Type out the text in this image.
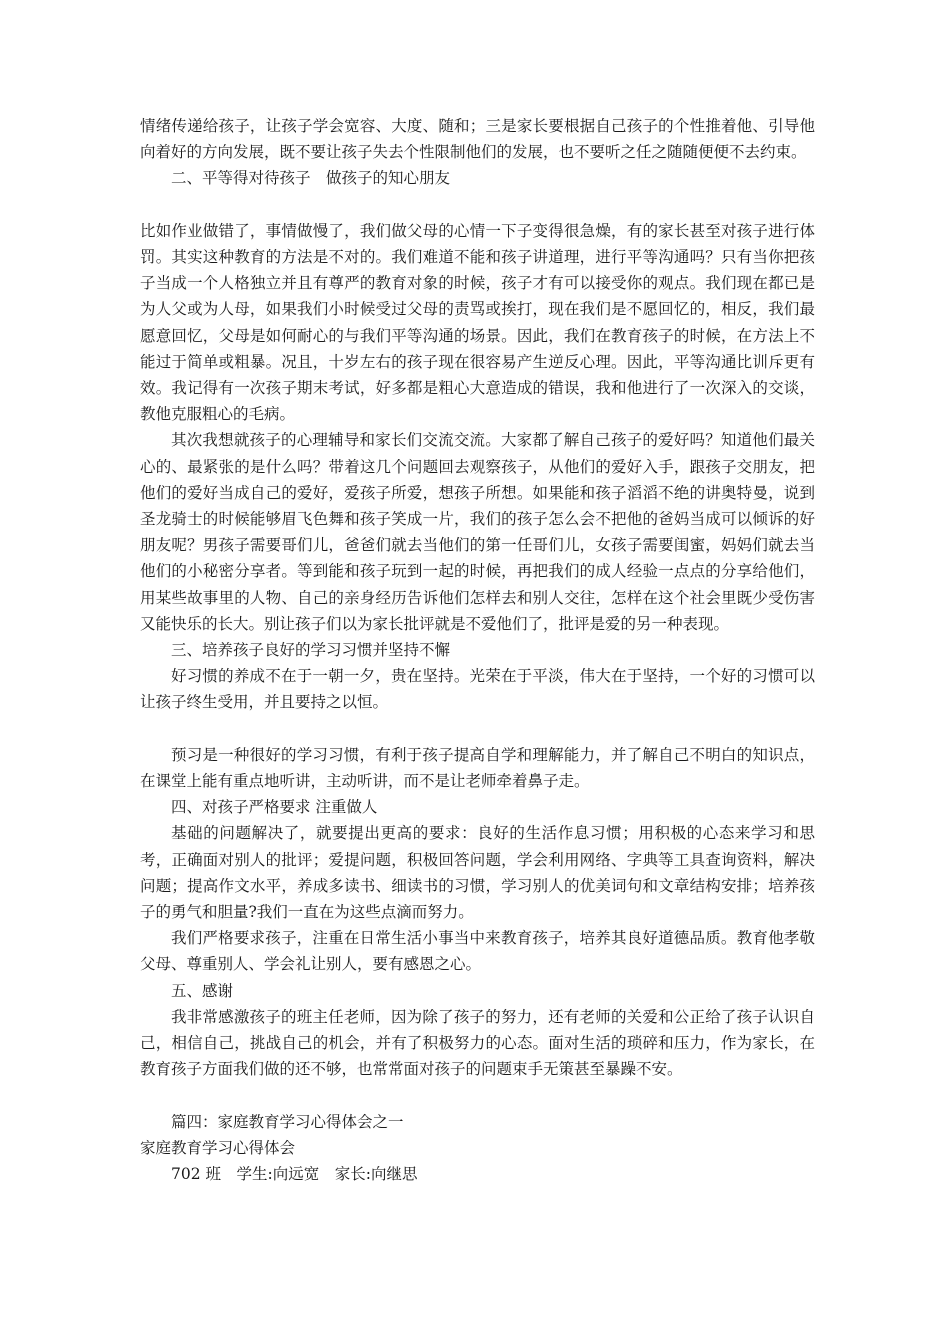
情绪传递给孩子，让孩子学会宽容、大度、随和；三是家长要根据自己孩子的个性推着他、引导他向着好的方向发展，既不要让孩子失去个性限制他们的发展，也不要听之任之随随便便不去约束。

二、平等得对待孩子　做孩子的知心朋友

比如作业做错了，事情做慢了，我们做父母的心情一下子变得很急燥，有的家长甚至对孩子进行体罚。其实这种教育的方法是不对的。我们难道不能和孩子讲道理，进行平等沟通吗？只有当你把孩子当成一个人格独立并且有尊严的教育对象的时候，孩子才有可以接受你的观点。我们现在都已是为人父或为人母，如果我们小时候受过父母的责骂或挨打，现在我们是不愿回忆的，相反，我们最愿意回忆，父母是如何耐心的与我们平等沟通的场景。因此，我们在教育孩子的时候，在方法上不能过于简单或粗暴。况且，十岁左右的孩子现在很容易产生逆反心理。因此，平等沟通比训斥更有效。我记得有一次孩子期末考试，好多都是粗心大意造成的错误，我和他进行了一次深入的交谈，教他克服粗心的毛病。

其次我想就孩子的心理辅导和家长们交流交流。大家都了解自己孩子的爱好吗？知道他们最关心的、最紧张的是什么吗？带着这几个问题回去观察孩子，从他们的爱好入手，跟孩子交朋友，把他们的爱好当成自己的爱好，爱孩子所爱，想孩子所想。如果能和孩子滔滔不绝的讲奥特曼，说到圣龙骑士的时候能够眉飞色舞和孩子笑成一片，我们的孩子怎么会不把他的爸妈当成可以倾诉的好朋友呢？男孩子需要哥们儿，爸爸们就去当他们的第一任哥们儿，女孩子需要闺蜜，妈妈们就去当他们的小秘密分享者。等到能和孩子玩到一起的时候，再把我们的成人经验一点点的分享给他们，用某些故事里的人物、自己的亲身经历告诉他们怎样去和别人交往，怎样在这个社会里既少受伤害又能快乐的长大。别让孩子们以为家长批评就是不爱他们了，批评是爱的另一种表现。

三、培养孩子良好的学习习惯并坚持不懈

好习惯的养成不在于一朝一夕，贵在坚持。光荣在于平淡，伟大在于坚持，一个好的习惯可以让孩子终生受用，并且要持之以恒。

预习是一种很好的学习习惯，有利于孩子提高自学和理解能力，并了解自己不明白的知识点，在课堂上能有重点地听讲，主动听讲，而不是让老师牵着鼻子走。

四、对孩子严格要求 注重做人

基础的问题解决了，就要提出更高的要求：良好的生活作息习惯；用积极的心态来学习和思考，正确面对别人的批评；爱提问题，积极回答问题，学会利用网络、字典等工具查询资料，解决问题；提高作文水平，养成多读书、细读书的习惯，学习别人的优美词句和文章结构安排；培养孩子的勇气和胆量?我们一直在为这些点滴而努力。

我们严格要求孩子，注重在日常生活小事当中来教育孩子，培养其良好道德品质。教育他孝敬父母、尊重别人、学会礼让别人，要有感恩之心。

五、感谢

我非常感激孩子的班主任老师，因为除了孩子的努力，还有老师的关爱和公正给了孩子认识自己，相信自己，挑战自己的机会，并有了积极努力的心态。面对生活的琐碎和压力，作为家长，在教育孩子方面我们做的还不够，也常常面对孩子的问题束手无策甚至暴躁不安。

篇四：家庭教育学习心得体会之一

家庭教育学习心得体会

702 班　学生:向远宽　家长:向继思
